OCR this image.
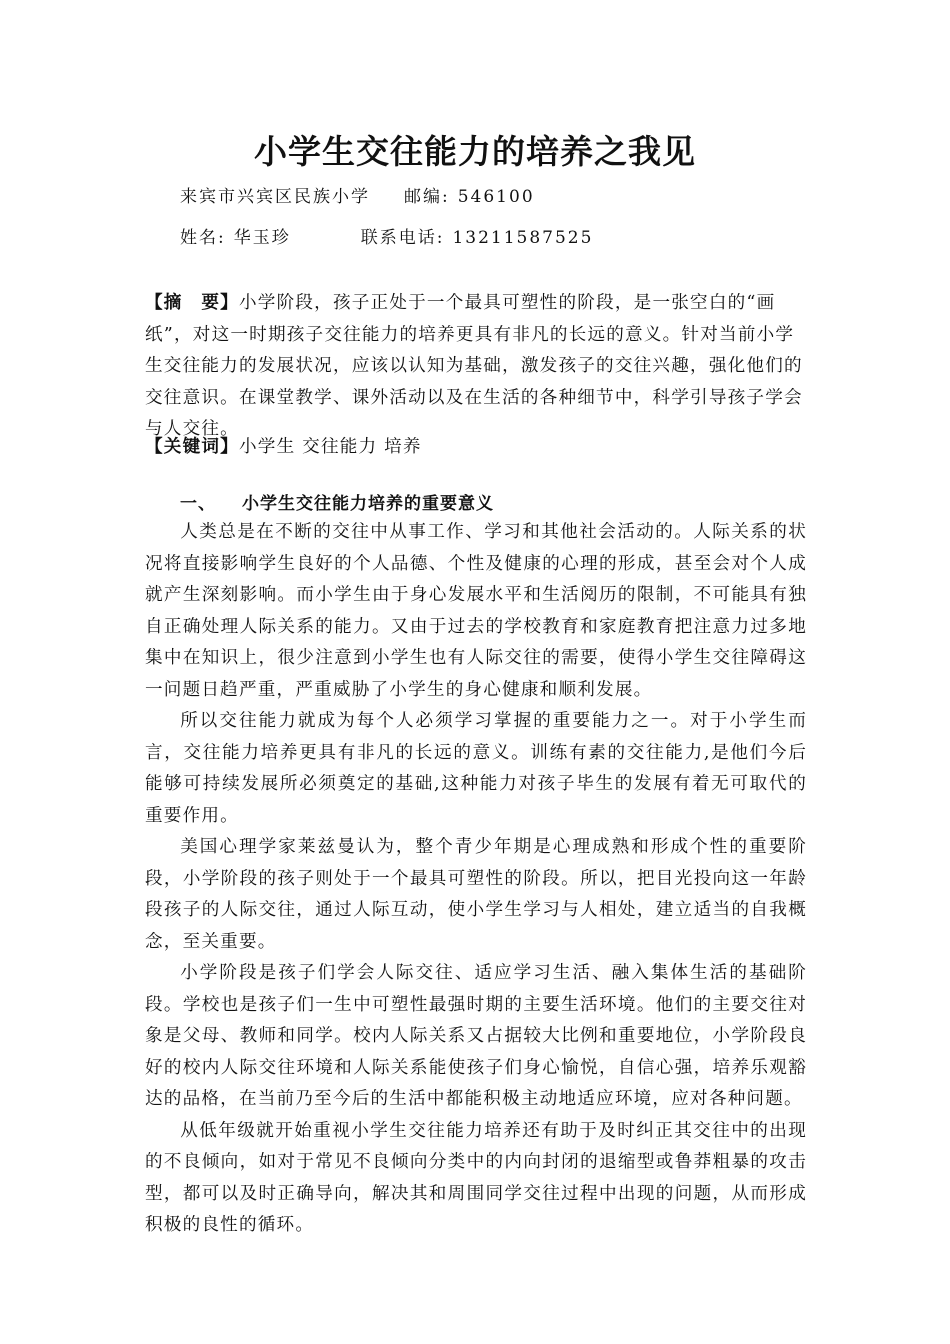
小学生交往能力的培养之我见
来宾市兴宾区民族小学 邮编: 546100
姓名: 华玉珍	联系电话: 13211587525
【摘　要】小学阶段，孩子正处于一个最具可塑性的阶段，是一张空白的“画纸”，对这一时期孩子交往能力的培养更具有非凡的长远的意义。针对当前小学生交往能力的发展状况，应该以认知为基础，激发孩子的交往兴趣，强化他们的交往意识。在课堂教学、课外活动以及在生活的各种细节中，科学引导孩子学会与人交往。
【关键词】小学生 交往能力 培养
一、 小学生交往能力培养的重要意义

人类总是在不断的交往中从事工作、学习和其他社会活动的。人际关系的状况将直接影响学生良好的个人品德、个性及健康的心理的形成，甚至会对个人成就产生深刻影响。而小学生由于身心发展水平和生活阅历的限制，不可能具有独自正确处理人际关系的能力。又由于过去的学校教育和家庭教育把注意力过多地集中在知识上，很少注意到小学生也有人际交往的需要，使得小学生交往障碍这一问题日趋严重，严重威胁了小学生的身心健康和顺利发展。

所以交往能力就成为每个人必须学习掌握的重要能力之一。对于小学生而言，交往能力培养更具有非凡的长远的意义。训练有素的交往能力,是他们今后能够可持续发展所必须奠定的基础,这种能力对孩子毕生的发展有着无可取代的重要作用。

美国心理学家莱兹曼认为，整个青少年期是心理成熟和形成个性的重要阶段，小学阶段的孩子则处于一个最具可塑性的阶段。所以，把目光投向这一年龄段孩子的人际交往，通过人际互动，使小学生学习与人相处，建立适当的自我概念，至关重要。

小学阶段是孩子们学会人际交往、适应学习生活、融入集体生活的基础阶段。学校也是孩子们一生中可塑性最强时期的主要生活环境。他们的主要交往对象是父母、教师和同学。校内人际关系又占据较大比例和重要地位，小学阶段良好的校内人际交往环境和人际关系能使孩子们身心愉悦，自信心强，培养乐观豁达的品格，在当前乃至今后的生活中都能积极主动地适应环境，应对各种问题。

从低年级就开始重视小学生交往能力培养还有助于及时纠正其交往中的出现的不良倾向，如对于常见不良倾向分类中的内向封闭的退缩型或鲁莽粗暴的攻击型，都可以及时正确导向，解决其和周围同学交往过程中出现的问题，从而形成积极的良性的循环。
